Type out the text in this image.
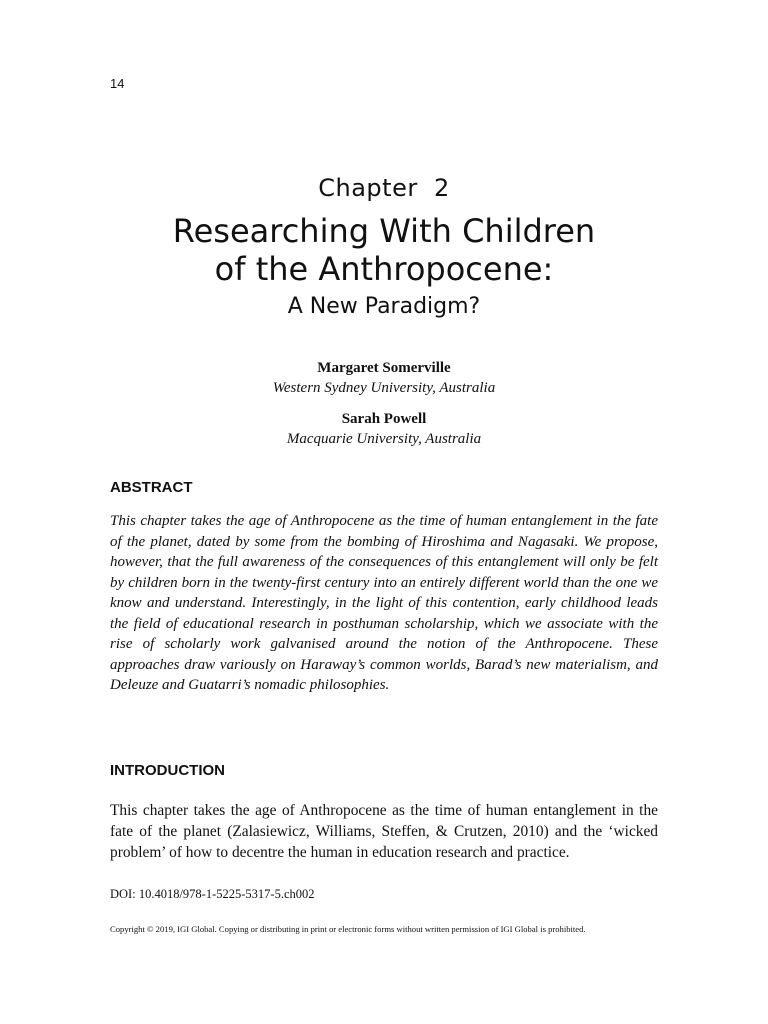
14
Chapter  2
Researching With Children
of the Anthropocene:
A New Paradigm?
Margaret Somerville
Western Sydney University, Australia
Sarah Powell
Macquarie University, Australia
ABSTRACT

This chapter takes the age of Anthropocene as the time of human entanglement in the fate of the planet, dated by some from the bombing of Hiroshima and Nagasaki. We propose, however, that the full awareness of the consequences of this entanglement will only be felt by children born in the twenty-first century into an entirely different world than the one we know and understand. Interestingly, in the light of this contention, early childhood leads the field of educational research in posthuman scholarship, which we associate with the rise of scholarly work galvanised around the notion of the Anthropocene. These approaches draw variously on Haraway’s common worlds, Barad’s new materialism, and Deleuze and Guatarri’s nomadic philosophies.

INTRODUCTION

This chapter takes the age of Anthropocene as the time of human entanglement in the fate of the planet (Zalasiewicz, Williams, Steffen, & Crutzen, 2010) and the ‘wicked problem’ of how to decentre the human in education research and practice.

DOI: 10.4018/978-1-5225-5317-5.ch002
Copyright © 2019, IGI Global. Copying or distributing in print or electronic forms without written permission of IGI Global is prohibited.
